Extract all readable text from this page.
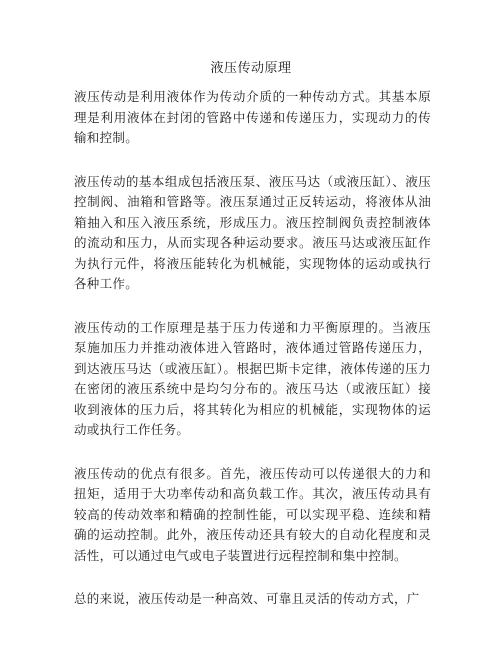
液压传动原理

液压传动是利用液体作为传动介质的一种传动方式。其基本原理是利用液体在封闭的管路中传递和传递压力，实现动力的传输和控制。

液压传动的基本组成包括液压泵、液压马达（或液压缸）、液压控制阀、油箱和管路等。液压泵通过正反转运动，将液体从油箱抽入和压入液压系统，形成压力。液压控制阀负责控制液体的流动和压力，从而实现各种运动要求。液压马达或液压缸作为执行元件，将液压能转化为机械能，实现物体的运动或执行各种工作。

液压传动的工作原理是基于压力传递和力平衡原理的。当液压泵施加压力并推动液体进入管路时，液体通过管路传递压力，到达液压马达（或液压缸）。根据巴斯卡定律，液体传递的压力在密闭的液压系统中是均匀分布的。液压马达（或液压缸）接收到液体的压力后，将其转化为相应的机械能，实现物体的运动或执行工作任务。

液压传动的优点有很多。首先，液压传动可以传递很大的力和扭矩，适用于大功率传动和高负载工作。其次，液压传动具有较高的传动效率和精确的控制性能，可以实现平稳、连续和精确的运动控制。此外，液压传动还具有较大的自动化程度和灵活性，可以通过电气或电子装置进行远程控制和集中控制。

总的来说，液压传动是一种高效、可靠且灵活的传动方式，广
